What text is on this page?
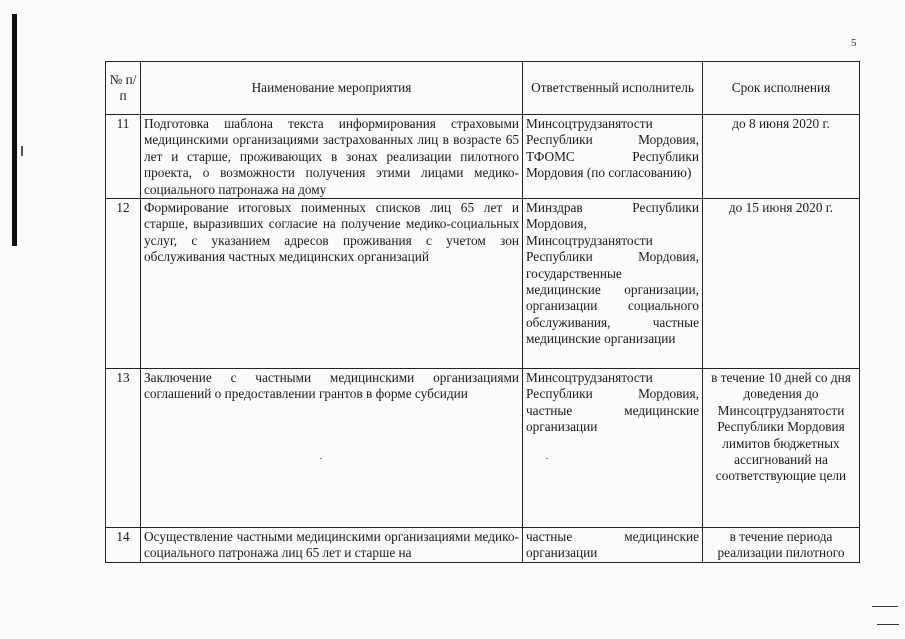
5
№ п/п	Наименование мероприятия	Ответственный исполнитель	Срок исполнения
11	Подготовка шаблона текста информирования страховыми медицинскими организациями застрахованных лиц в возрасте 65 лет и старше, проживающих в зонах реализации пилотного проекта, о возможности получения этими лицами медико-социального патронажа на дому	Минсоцтрудзанятости Республики Мордовия, ТФОМС Республики Мордовия (по согласованию)	до 8 июня 2020 г.
12	Формирование итоговых поименных списков лиц 65 лет и старше, выразивших согласие на получение медико-социальных услуг, с указанием адресов проживания с учетом зон обслуживания частных медицинских организаций	Минздрав Республики Мордовия, Минсоцтрудзанятости Республики Мордовия, государственные медицинские организации, организации социального обслуживания, частные медицинские организации	до 15 июня 2020 г.
13	Заключение с частными медицинскими организациями соглашений о предоставлении грантов в форме субсидии	Минсоцтрудзанятости Республики Мордовия, частные медицинские организации	в течение 10 дней со дня доведения до Минсоцтрудзанятости Республики Мордовия лимитов бюджетных ассигнований на соответствующие цели
14	Осуществление частными медицинскими организациями медико-социального патронажа лиц 65 лет и старше на	частные медицинские организации	в течение периода реализации пилотного
